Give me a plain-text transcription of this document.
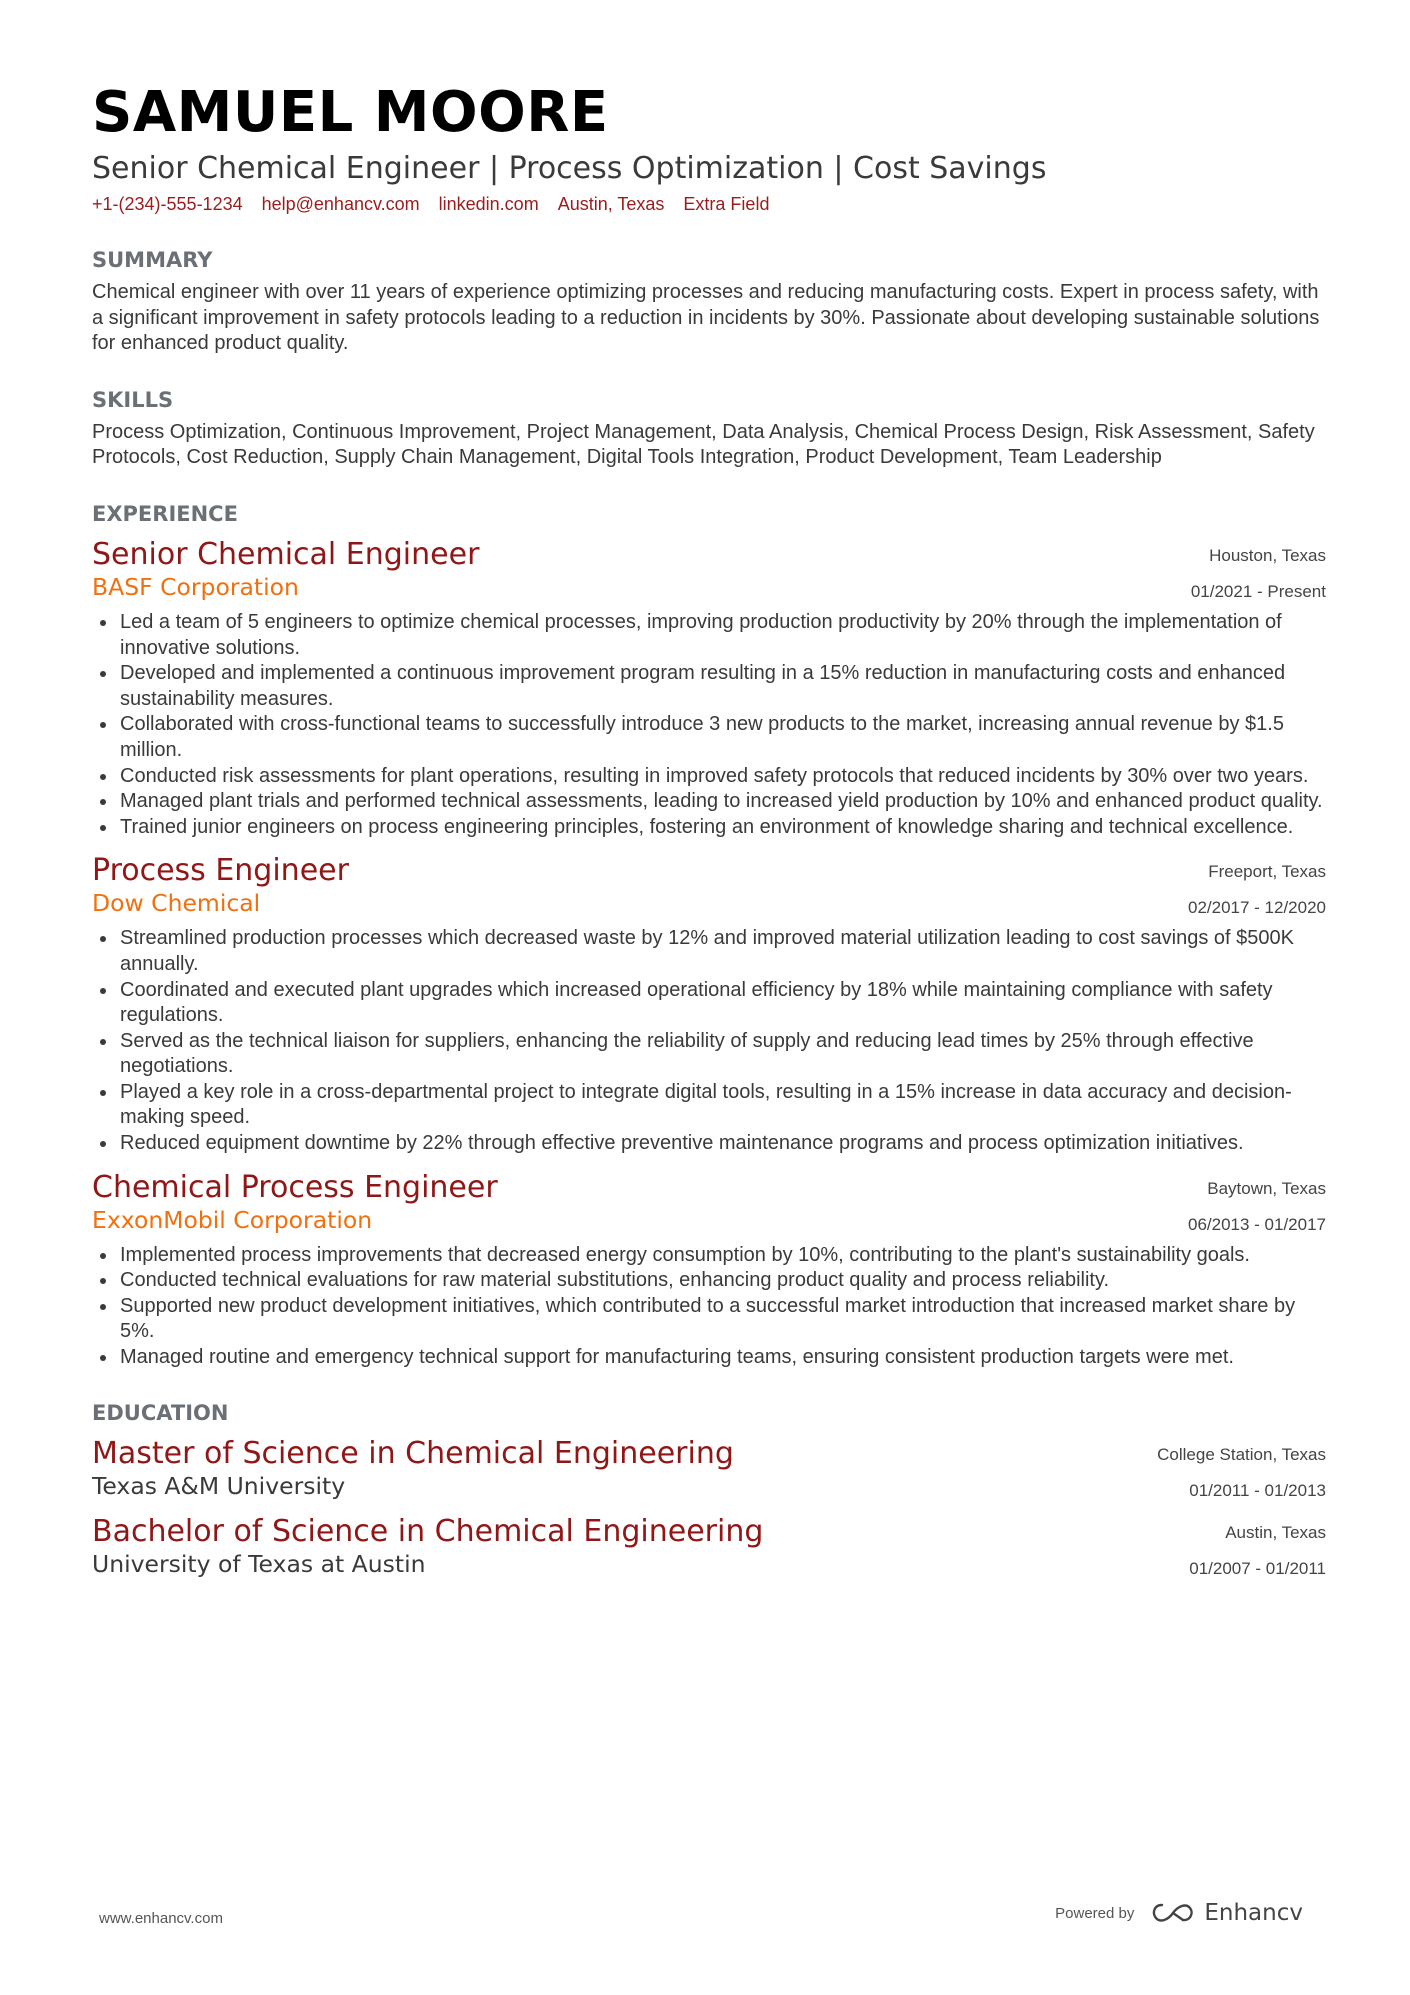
SAMUEL MOORE
Senior Chemical Engineer | Process Optimization | Cost Savings
+1-(234)-555-1234 help@enhancv.com linkedin.com Austin, Texas Extra Field
SUMMARY
Chemical engineer with over 11 years of experience optimizing processes and reducing manufacturing costs. Expert in process safety, with a significant improvement in safety protocols leading to a reduction in incidents by 30%. Passionate about developing sustainable solutions for enhanced product quality.
SKILLS
Process Optimization, Continuous Improvement, Project Management, Data Analysis, Chemical Process Design, Risk Assessment, Safety Protocols, Cost Reduction, Supply Chain Management, Digital Tools Integration, Product Development, Team Leadership
EXPERIENCE
Senior Chemical Engineer
BASF Corporation
Houston, Texas
01/2021 - Present
Led a team of 5 engineers to optimize chemical processes, improving production productivity by 20% through the implementation of innovative solutions.
Developed and implemented a continuous improvement program resulting in a 15% reduction in manufacturing costs and enhanced sustainability measures.
Collaborated with cross-functional teams to successfully introduce 3 new products to the market, increasing annual revenue by $1.5 million.
Conducted risk assessments for plant operations, resulting in improved safety protocols that reduced incidents by 30% over two years.
Managed plant trials and performed technical assessments, leading to increased yield production by 10% and enhanced product quality.
Trained junior engineers on process engineering principles, fostering an environment of knowledge sharing and technical excellence.
Process Engineer
Dow Chemical
Freeport, Texas
02/2017 - 12/2020
Streamlined production processes which decreased waste by 12% and improved material utilization leading to cost savings of $500K annually.
Coordinated and executed plant upgrades which increased operational efficiency by 18% while maintaining compliance with safety regulations.
Served as the technical liaison for suppliers, enhancing the reliability of supply and reducing lead times by 25% through effective negotiations.
Played a key role in a cross-departmental project to integrate digital tools, resulting in a 15% increase in data accuracy and decision-making speed.
Reduced equipment downtime by 22% through effective preventive maintenance programs and process optimization initiatives.
Chemical Process Engineer
ExxonMobil Corporation
Baytown, Texas
06/2013 - 01/2017
Implemented process improvements that decreased energy consumption by 10%, contributing to the plant's sustainability goals.
Conducted technical evaluations for raw material substitutions, enhancing product quality and process reliability.
Supported new product development initiatives, which contributed to a successful market introduction that increased market share by 5%.
Managed routine and emergency technical support for manufacturing teams, ensuring consistent production targets were met.
EDUCATION
Master of Science in Chemical Engineering
Texas A&M University
College Station, Texas
01/2011 - 01/2013
Bachelor of Science in Chemical Engineering
University of Texas at Austin
Austin, Texas
01/2007 - 01/2011
www.enhancv.com	Powered by	Enhancv
